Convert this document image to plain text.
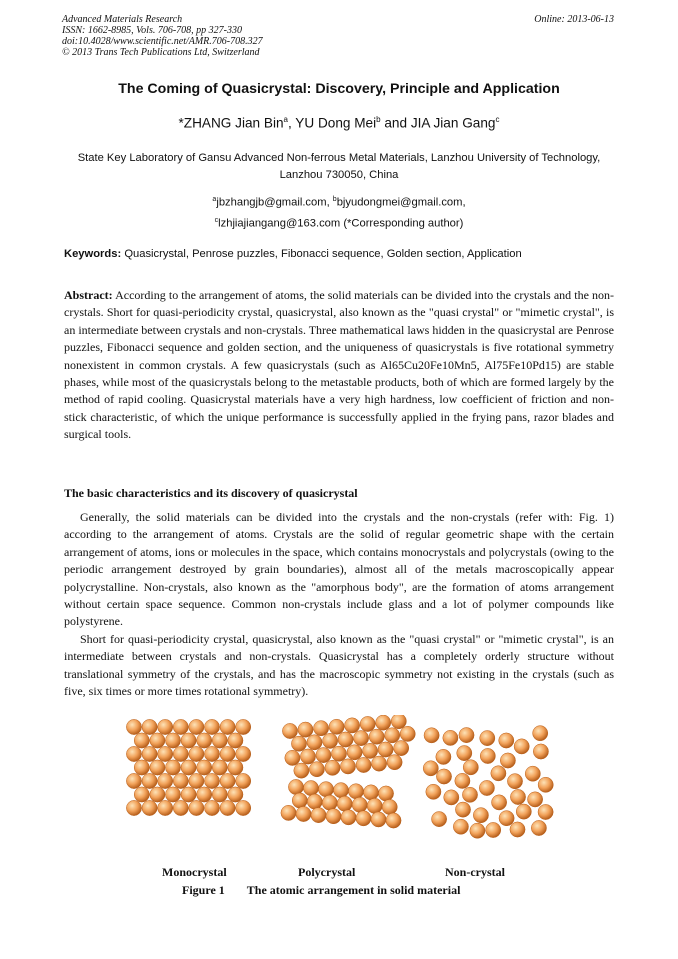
Advanced Materials Research
ISSN: 1662-8985, Vols. 706-708, pp 327-330
doi:10.4028/www.scientific.net/AMR.706-708.327
© 2013 Trans Tech Publications Ltd, Switzerland
Online: 2013-06-13
The Coming of Quasicrystal: Discovery, Principle and Application
*ZHANG Jian Bin$^a$, YU Dong Mei$^b$ and JIA Jian Gang$^c$
State Key Laboratory of Gansu Advanced Non-ferrous Metal Materials, Lanzhou University of Technology, Lanzhou 730050, China
$^a$jbzhangjb@gmail.com, $^b$bjyudongmei@gmail.com,
$^c$lzhjiajiangang@163.com (*Corresponding author)
Keywords: Quasicrystal, Penrose puzzles, Fibonacci sequence, Golden section, Application
Abstract: According to the arrangement of atoms, the solid materials can be divided into the crystals and the non-crystals. Short for quasi-periodicity crystal, quasicrystal, also known as the "quasi crystal" or "mimetic crystal", is an intermediate between crystals and non-crystals. Three mathematical laws hidden in the quasicrystal are Penrose puzzles, Fibonacci sequence and golden section, and the uniqueness of quasicrystals is five rotational symmetry nonexistent in common crystals. A few quasicrystals (such as Al65Cu20Fe10Mn5, Al75Fe10Pd15) are stable phases, while most of the quasicrystals belong to the metastable products, both of which are formed largely by the method of rapid cooling. Quasicrystal materials have a very high hardness, low coefficient of friction and non-stick characteristic, of which the unique performance is successfully applied in the frying pans, razor blades and surgical tools.
The basic characteristics and its discovery of quasicrystal
Generally, the solid materials can be divided into the crystals and the non-crystals (refer with: Fig. 1) according to the arrangement of atoms. Crystals are the solid of regular geometric shape with the certain arrangement of atoms, ions or molecules in the space, which contains monocrystals and polycrystals (owing to the periodic arrangement destroyed by grain boundaries), almost all of the metals macroscopically appear polycrystalline. Non-crystals, also known as the "amorphous body", are the formation of atoms arrangement without certain space sequence. Common non-crystals include glass and a lot of polymer compounds like polystyrene.
Short for quasi-periodicity crystal, quasicrystal, also known as the "quasi crystal" or "mimetic crystal", is an intermediate between crystals and non-crystals. Quasicrystal has a completely orderly structure without translational symmetry of the crystals, and has the macroscopic symmetry not existing in the crystals (such as five, six times or more times rotational symmetry).
Monocrystal	Polycrystal	Non-crystal
Figure 1 The atomic arrangement in solid material
